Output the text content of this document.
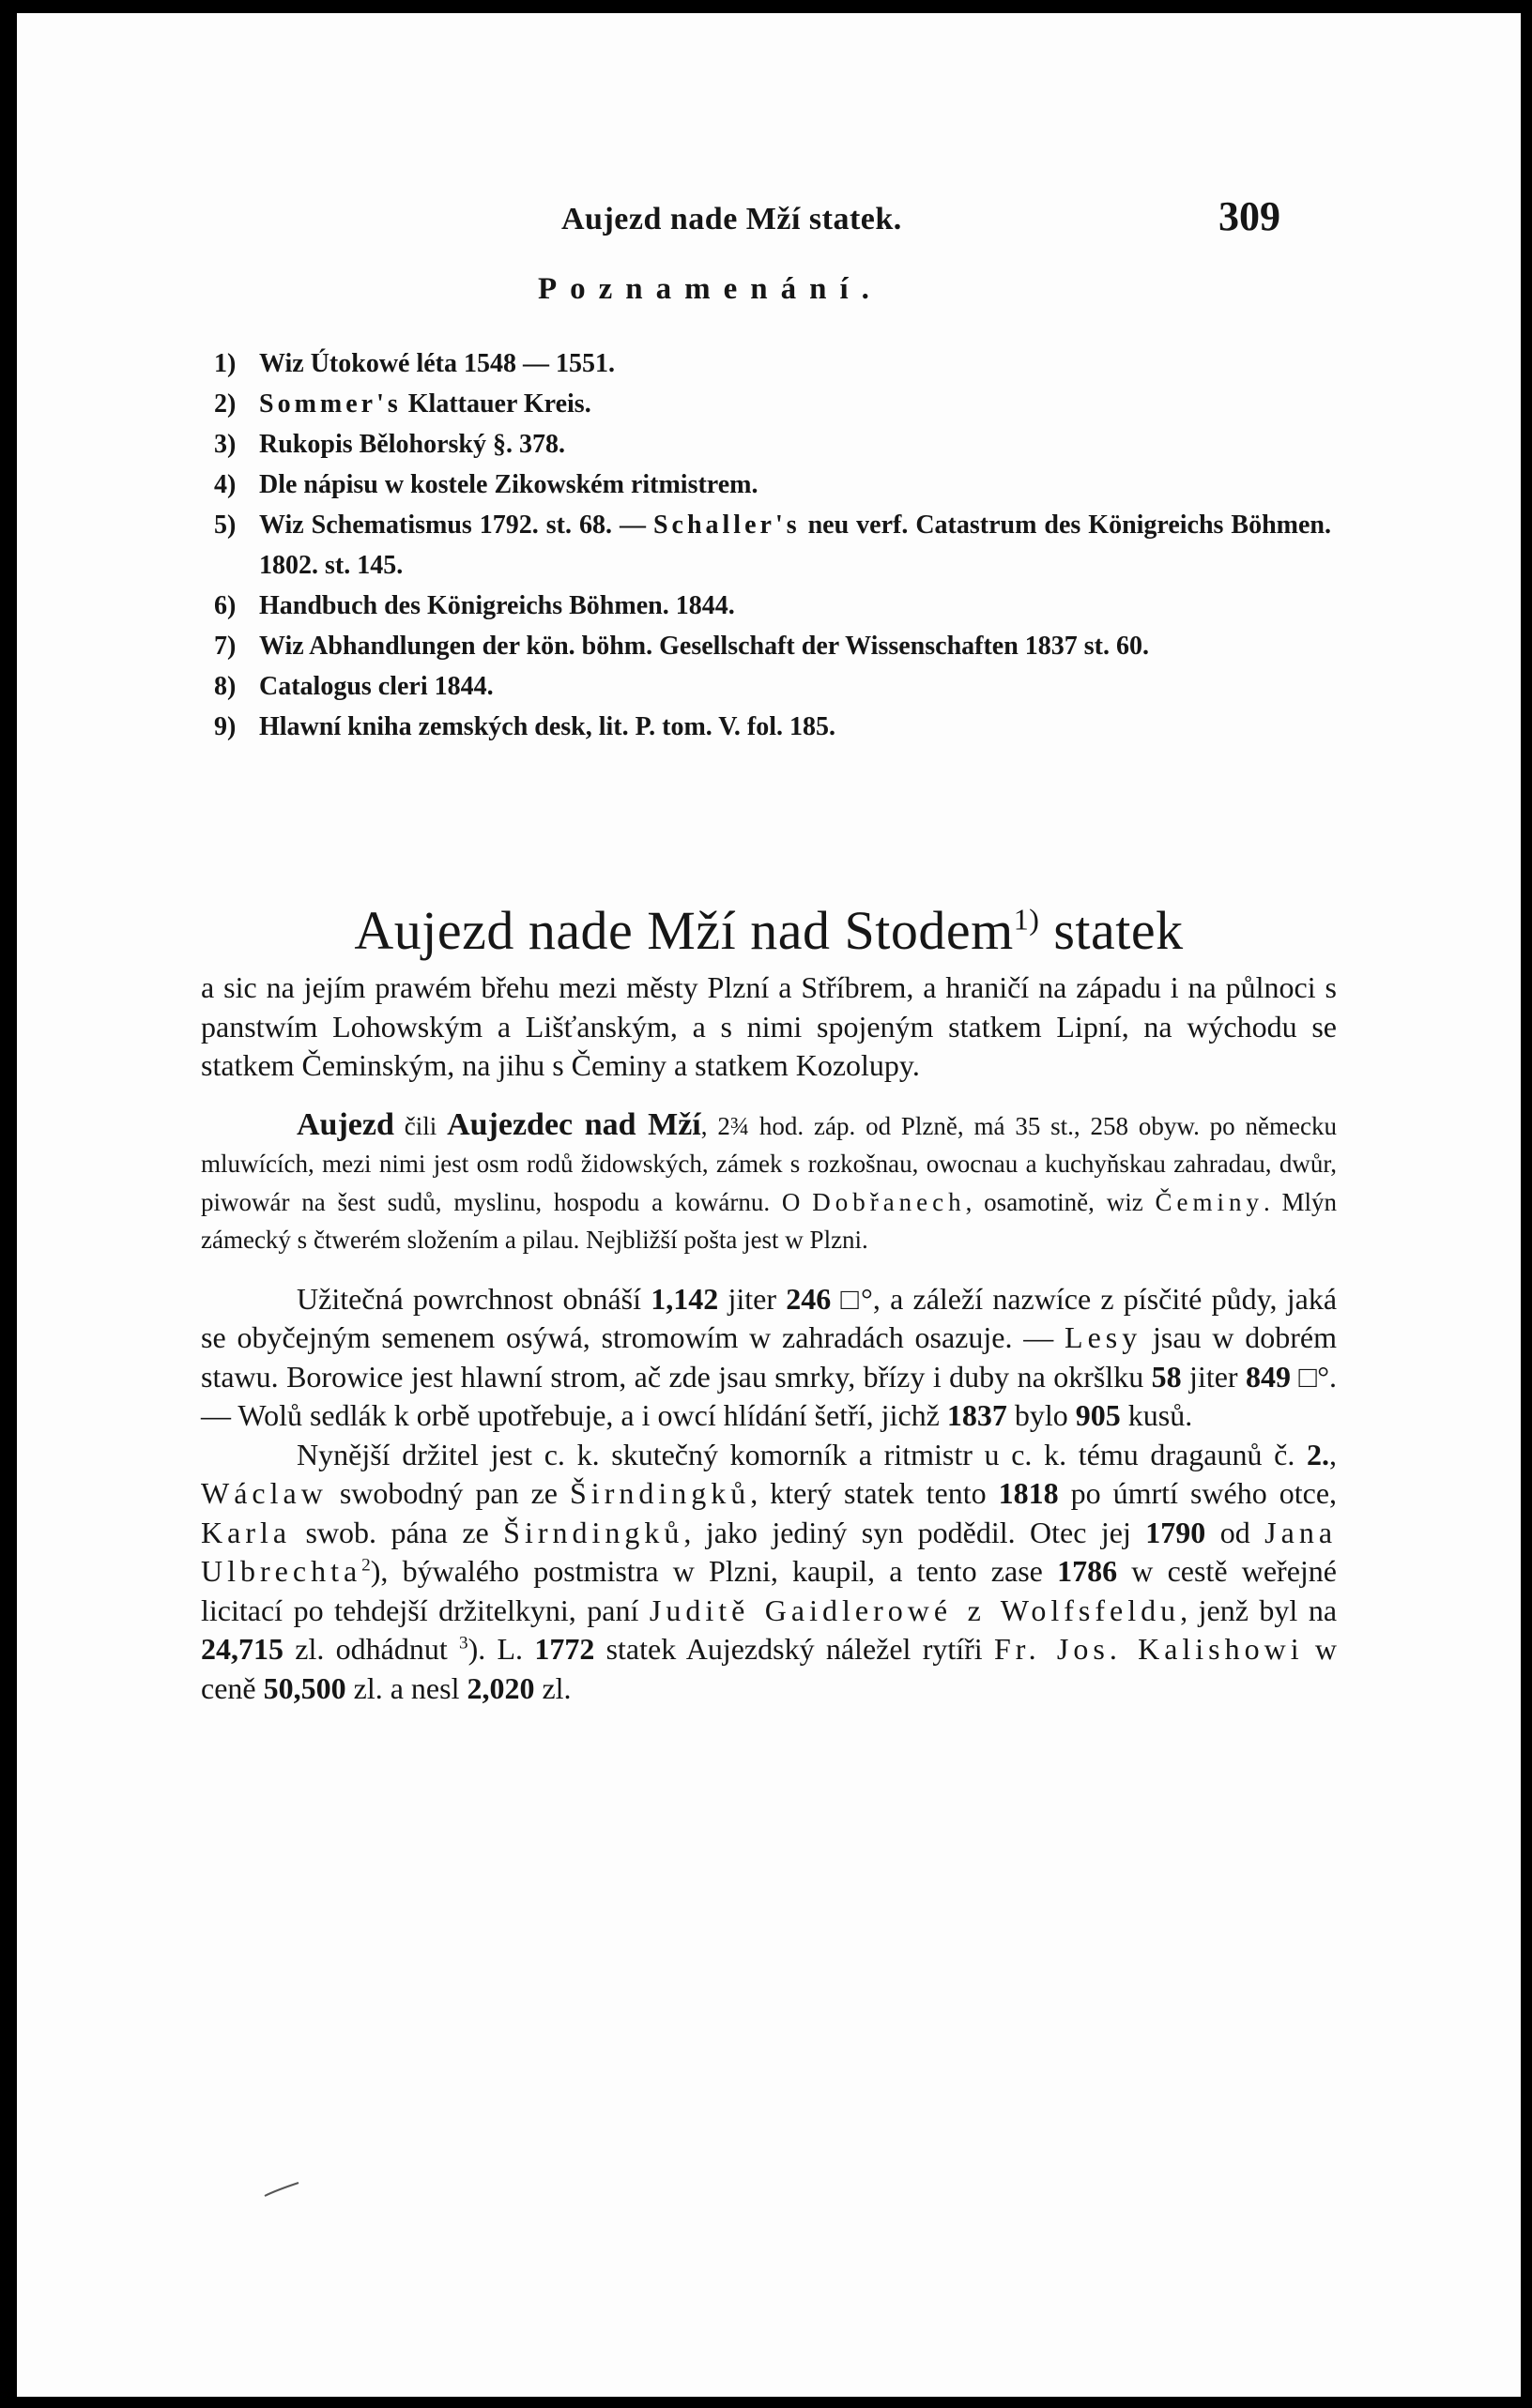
Aujezd nade Mží statek.	309
Poznamenání.
1) Wiz Útokowé léta 1548 — 1551.
2) Sommer's Klattauer Kreis.
3) Rukopis Bělohorský §. 378.
4) Dle nápisu w kostele Zikowském ritmistrem.
5) Wiz Schematismus 1792. st. 68. — Schaller's neu verf. Catastrum des Königreichs Böhmen. 1802. st. 145.
6) Handbuch des Königreichs Böhmen. 1844.
7) Wiz Abhandlungen der kön. böhm. Gesellschaft der Wissenschaften 1837 st. 60.
8) Catalogus cleri 1844.
9) Hlawní kniha zemských desk, lit. P. tom. V. fol. 185.
Aujezd nade Mží nad Stodem$^{1)}$ statek

a sic na jejím prawém břehu mezi městy Plzní a Stříbrem, a hraničí na západu i na půlnoci s panstwím Lohowským a Lišťanským, a s nimi spojeným statkem Lipní, na wýchodu se statkem Čeminským, na jihu s Čeminy a statkem Kozolupy.

Aujezd čili Aujezdec nad Mží, 2¾ hod. záp. od Plzně, má 35 st., 258 obyw. po německu mluwících, mezi nimi jest osm rodů židowských, zámek s rozkošnau, owocnau a kuchyňskau zahradau, dwůr, piwowár na šest sudů, myslinu, hospodu a kowárnu. O Dobřanech, osamotině, wiz Čeminy. Mlýn zámecký s čtwerém složením a pilau. Nejbližší pošta jest w Plzni.

Užitečná powrchnost obnáší 1,142 jiter 246 □°, a záleží nazwíce z písčité půdy, jaká se obyčejným semenem osýwá, stromowím w zahradách osazuje. — Lesy jsau w dobrém stawu. Borowice jest hlawní strom, ač zde jsau smrky, břízy i duby na okršlku 58 jiter 849 □°. — Wolů sedlák k orbě upotřebuje, a i owcí hlídání šetří, jichž 1837 bylo 905 kusů.

Nynější držitel jest c. k. skutečný komorník a ritmistr u c. k. tému dragaunů č. 2., Wáclaw swobodný pan ze Širndingků, který statek tento 1818 po úmrtí swého otce, Karla swob. pána ze Širndingků, jako jediný syn podědil. Otec jej 1790 od Jana Ulbrechta$^2$), býwalého postmistra w Plzni, kaupil, a tento zase 1786 w cestě weřejné licitací po tehdejší držitelkyni, paní Juditě Gaidlerowé z Wolfsfeldu, jenž byl na 24,715 zl. odhádnut $^3$). L. 1772 statek Aujezdský náležel rytíři Fr. Jos. Kalishowi w ceně 50,500 zl. a nesl 2,020 zl.
